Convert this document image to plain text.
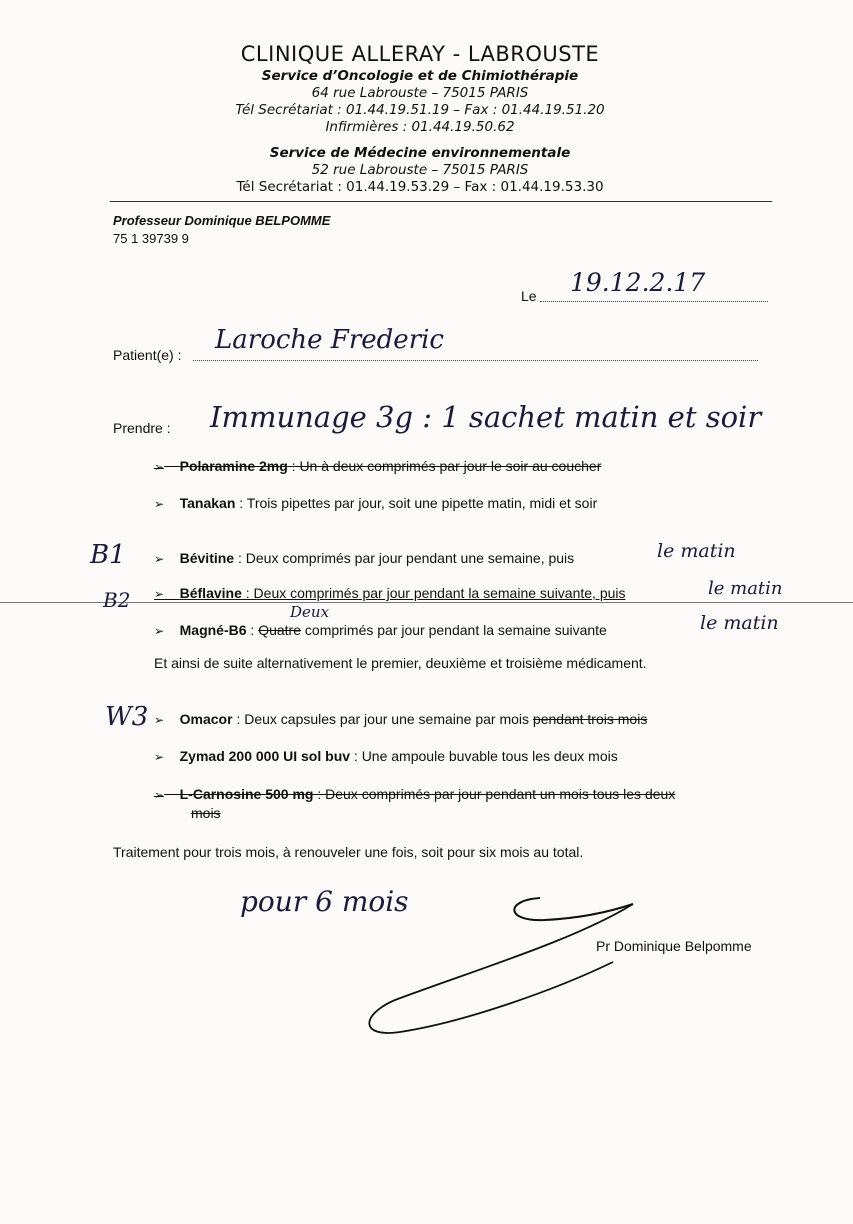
CLINIQUE ALLERAY - LABROUSTE
Service d’Oncologie et de Chimiothérapie
64 rue Labrouste – 75015 PARIS
Tél Secrétariat : 01.44.19.51.19 – Fax : 01.44.19.51.20
Infirmières : 01.44.19.50.62
Service de Médecine environnementale
52 rue Labrouste – 75015 PARIS
Tél Secrétariat : 01.44.19.53.29 – Fax : 01.44.19.53.30
Professeur Dominique BELPOMME
75 1 39739 9
Le 19.12.2.17
Patient(e) : Laroche Frederic
Prendre : Immunage 3g : 1 sachet matin et soir
➢ Polaramine 2mg : Un à deux comprimés par jour le soir au coucher
➢ Tanakan : Trois pipettes par jour, soit une pipette matin, midi et soir
B1 ➢ Bévitine : Deux comprimés par jour pendant une semaine, puis	le matin
B2 ➢ Béflavine : Deux comprimés par jour pendant la semaine suivante, puis	le matin
Deux
➢ Magné-B6 : Quatre comprimés par jour pendant la semaine suivante	le matin
Et ainsi de suite alternativement le premier, deuxième et troisième médicament.
W3 ➢ Omacor : Deux capsules par jour une semaine par mois pendant trois mois
➢ Zymad 200 000 UI sol buv : Une ampoule buvable tous les deux mois
➢ L-Carnosine 500 mg : Deux comprimés par jour pendant un mois tous les deux
mois
Traitement pour trois mois, à renouveler une fois, soit pour six mois au total.
pour 6 mois
Pr Dominique Belpomme
